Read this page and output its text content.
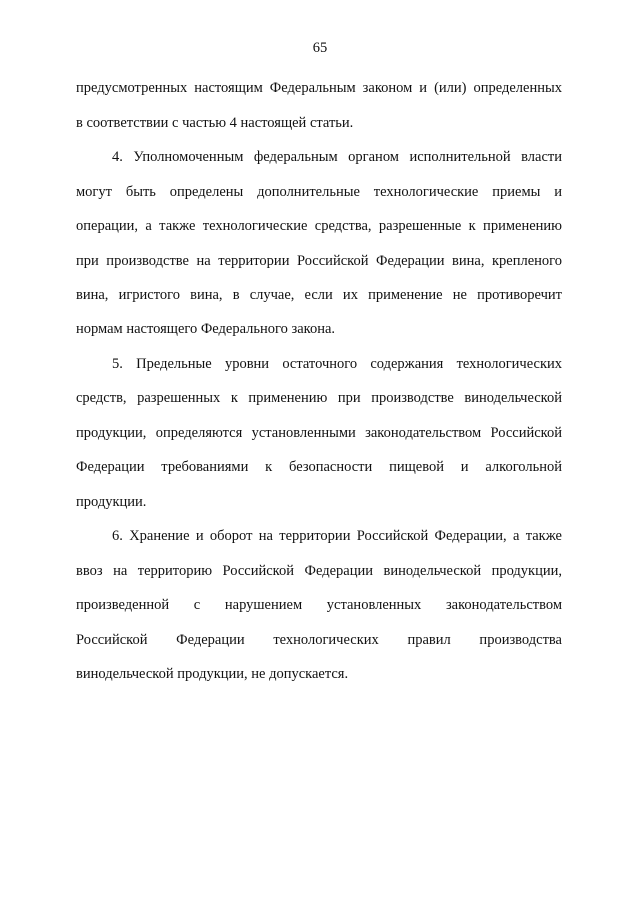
65
предусмотренных настоящим Федеральным законом и (или) определенных
в соответствии с частью 4 настоящей статьи.
4. Уполномоченным федеральным органом исполнительной власти
могут быть определены дополнительные технологические приемы и
операции, а также технологические средства, разрешенные к применению
при производстве на территории Российской Федерации вина, крепленого
вина, игристого вина, в случае, если их применение не противоречит
нормам настоящего Федерального закона.
5. Предельные уровни остаточного содержания технологических
средств, разрешенных к применению при производстве винодельческой
продукции, определяются установленными законодательством Российской
Федерации требованиями к безопасности пищевой и алкогольной
продукции.
6. Хранение и оборот на территории Российской Федерации, а также
ввоз на территорию Российской Федерации винодельческой продукции,
произведенной с нарушением установленных законодательством
Российской Федерации технологических правил производства
винодельческой продукции, не допускается.
